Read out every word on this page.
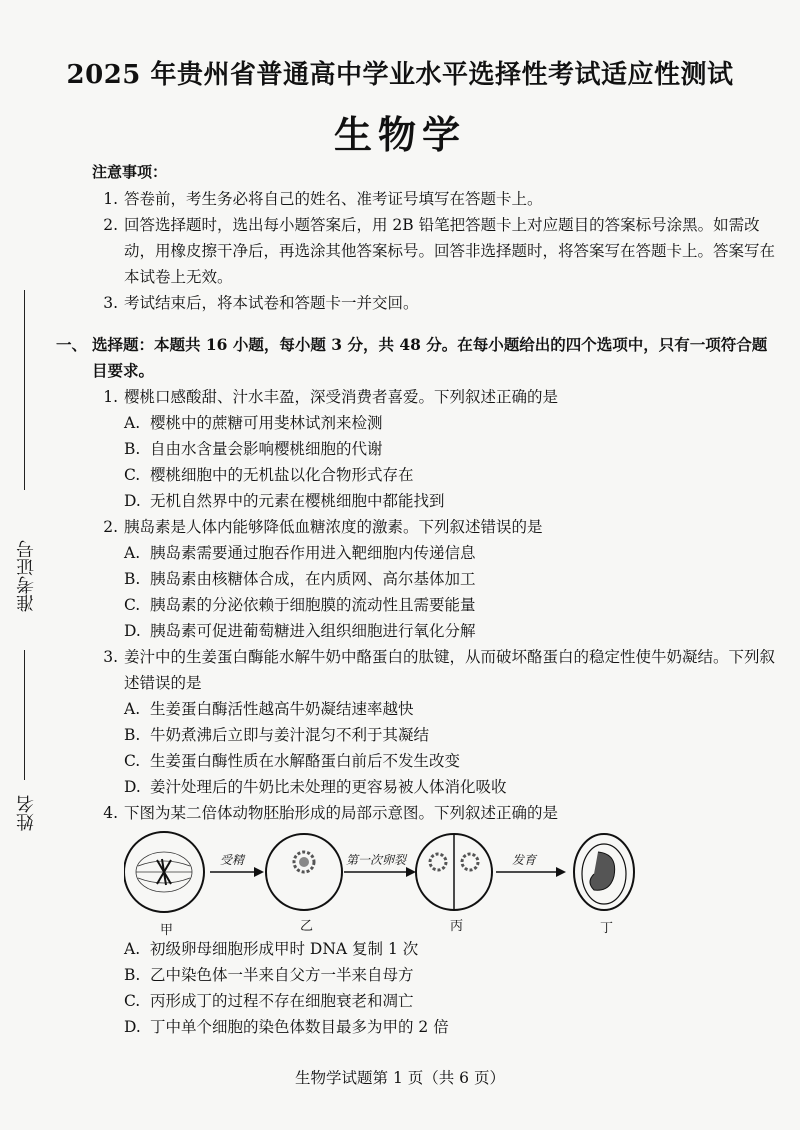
2025 年贵州省普通高中学业水平选择性考试适应性测试
生物学
准考证号
姓名
注意事项：
1. 答卷前，考生务必将自己的姓名、准考证号填写在答题卡上。
2. 回答选择题时，选出每小题答案后，用 2B 铅笔把答题卡上对应题目的答案标号涂黑。如需改动，用橡皮擦干净后，再选涂其他答案标号。回答非选择题时，将答案写在答题卡上。答案写在本试卷上无效。
3. 考试结束后，将本试卷和答题卡一并交回。
一、 选择题：本题共 16 小题，每小题 3 分，共 48 分。在每小题给出的四个选项中，只有一项符合题目要求。
1. 樱桃口感酸甜、汁水丰盈，深受消费者喜爱。下列叙述正确的是
A. 樱桃中的蔗糖可用斐林试剂来检测
B. 自由水含量会影响樱桃细胞的代谢
C. 樱桃细胞中的无机盐以化合物形式存在
D. 无机自然界中的元素在樱桃细胞中都能找到
2. 胰岛素是人体内能够降低血糖浓度的激素。下列叙述错误的是
A. 胰岛素需要通过胞吞作用进入靶细胞内传递信息
B. 胰岛素由核糖体合成，在内质网、高尔基体加工
C. 胰岛素的分泌依赖于细胞膜的流动性且需要能量
D. 胰岛素可促进葡萄糖进入组织细胞进行氧化分解
3. 姜汁中的生姜蛋白酶能水解牛奶中酪蛋白的肽键，从而破坏酪蛋白的稳定性使牛奶凝结。下列叙述错误的是
A. 生姜蛋白酶活性越高牛奶凝结速率越快
B. 牛奶煮沸后立即与姜汁混匀不利于其凝结
C. 生姜蛋白酶性质在水解酪蛋白前后不发生改变
D. 姜汁处理后的牛奶比未处理的更容易被人体消化吸收
4. 下图为某二倍体动物胚胎形成的局部示意图。下列叙述正确的是
甲
受精
乙
第一次卵裂
丙
发育
丁
A. 初级卵母细胞形成甲时 DNA 复制 1 次
B. 乙中染色体一半来自父方一半来自母方
C. 丙形成丁的过程不存在细胞衰老和凋亡
D. 丁中单个细胞的染色体数目最多为甲的 2 倍
生物学试题第 1 页（共 6 页）
